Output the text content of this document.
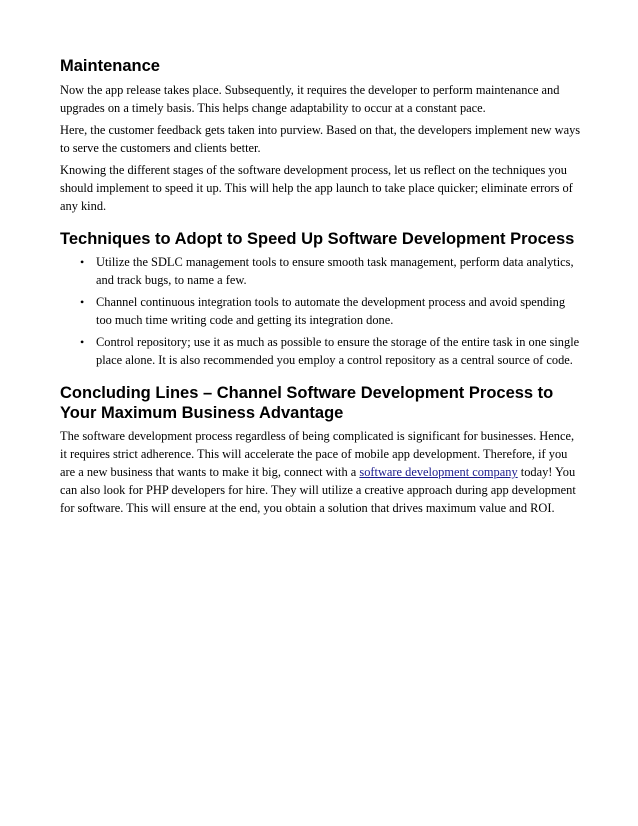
Maintenance

Now the app release takes place. Subsequently, it requires the developer to perform maintenance and upgrades on a timely basis. This helps change adaptability to occur at a constant pace.

Here, the customer feedback gets taken into purview. Based on that, the developers implement new ways to serve the customers and clients better.

Knowing the different stages of the software development process, let us reflect on the techniques you should implement to speed it up. This will help the app launch to take place quicker; eliminate errors of any kind.

Techniques to Adopt to Speed Up Software Development Process
• Utilize the SDLC management tools to ensure smooth task management, perform data analytics, and track bugs, to name a few.
• Channel continuous integration tools to automate the development process and avoid spending too much time writing code and getting its integration done.
• Control repository; use it as much as possible to ensure the storage of the entire task in one single place alone. It is also recommended you employ a control repository as a central source of code.
Concluding Lines – Channel Software Development Process to Your Maximum Business Advantage

The software development process regardless of being complicated is significant for businesses. Hence, it requires strict adherence. This will accelerate the pace of mobile app development. Therefore, if you are a new business that wants to make it big, connect with a software development company today! You can also look for PHP developers for hire. They will utilize a creative approach during app development for software. This will ensure at the end, you obtain a solution that drives maximum value and ROI.
